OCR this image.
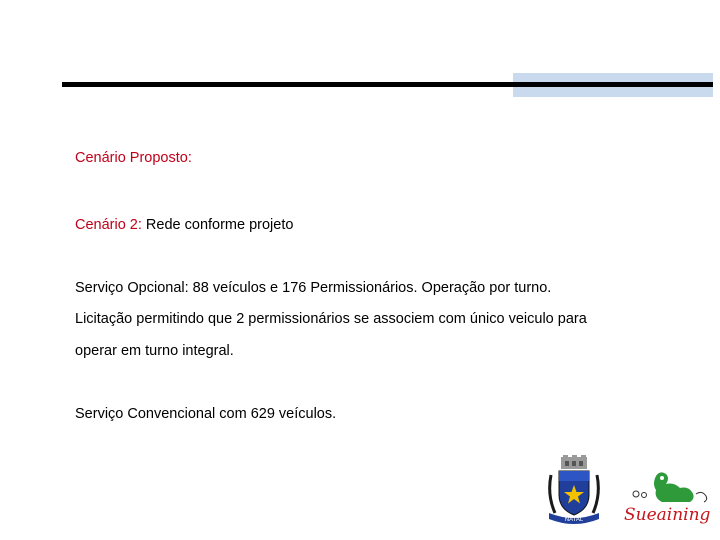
Cenário Proposto:
Cenário 2: Rede conforme projeto
Serviço Opcional: 88 veículos e 176 Permissionários. Operação por turno.
Licitação permitindo que 2 permissionários se associem com único veiculo para
operar em turno integral.
Serviço Convencional com 629 veículos.
NATAL Sueaining
